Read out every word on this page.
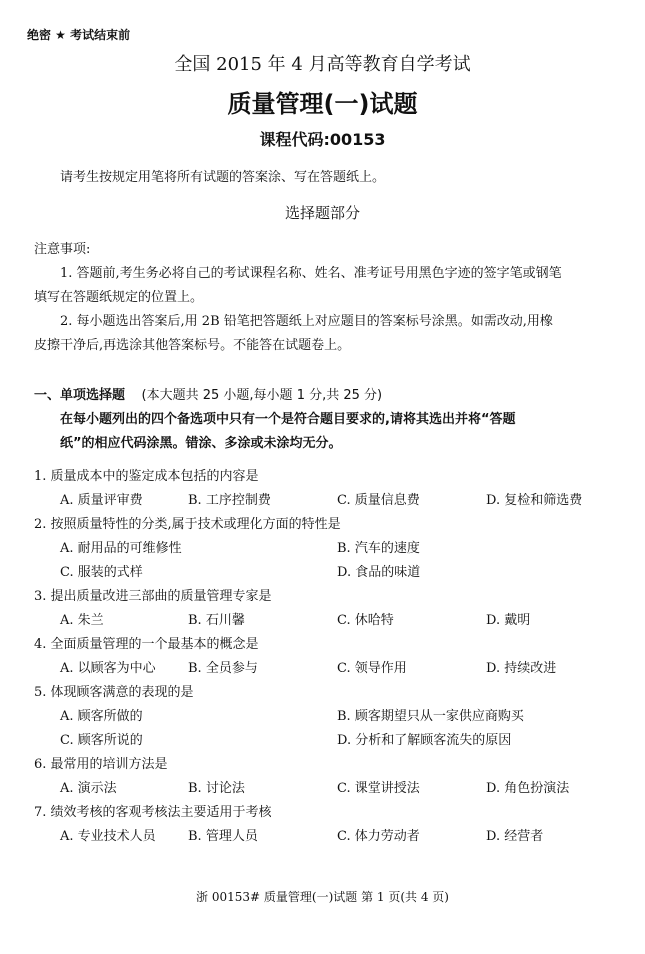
绝密 ★ 考试结束前
全国 2015 年 4 月高等教育自学考试
质量管理(一)试题
课程代码:00153
请考生按规定用笔将所有试题的答案涂、写在答题纸上。
选择题部分
注意事项:
1. 答题前,考生务必将自己的考试课程名称、姓名、准考证号用黑色字迹的签字笔或钢笔
填写在答题纸规定的位置上。
2. 每小题选出答案后,用 2B 铅笔把答题纸上对应题目的答案标号涂黑。如需改动,用橡
皮擦干净后,再选涂其他答案标号。不能答在试题卷上。
一、单项选择题 (本大题共 25 小题,每小题 1 分,共 25 分)
在每小题列出的四个备选项中只有一个是符合题目要求的,请将其选出并将“答题
纸”的相应代码涂黑。错涂、多涂或未涂均无分。
1. 质量成本中的鉴定成本包括的内容是
A. 质量评审费	B. 工序控制费	C. 质量信息费	D. 复检和筛选费
2. 按照质量特性的分类,属于技术或理化方面的特性是
A. 耐用品的可维修性	B. 汽车的速度
C. 服装的式样	D. 食品的味道
3. 提出质量改进三部曲的质量管理专家是
A. 朱兰	B. 石川馨	C. 休哈特	D. 戴明
4. 全面质量管理的一个最基本的概念是
A. 以顾客为中心 B. 全员参与	C. 领导作用	D. 持续改进
5. 体现顾客满意的表现的是
A. 顾客所做的	B. 顾客期望只从一家供应商购买
C. 顾客所说的	D. 分析和了解顾客流失的原因
6. 最常用的培训方法是
A. 演示法	B. 讨论法	C. 课堂讲授法	D. 角色扮演法
7. 绩效考核的客观考核法主要适用于考核
A. 专业技术人员 B. 管理人员	C. 体力劳动者	D. 经营者
浙 00153# 质量管理(一)试题 第 1 页(共 4 页)
